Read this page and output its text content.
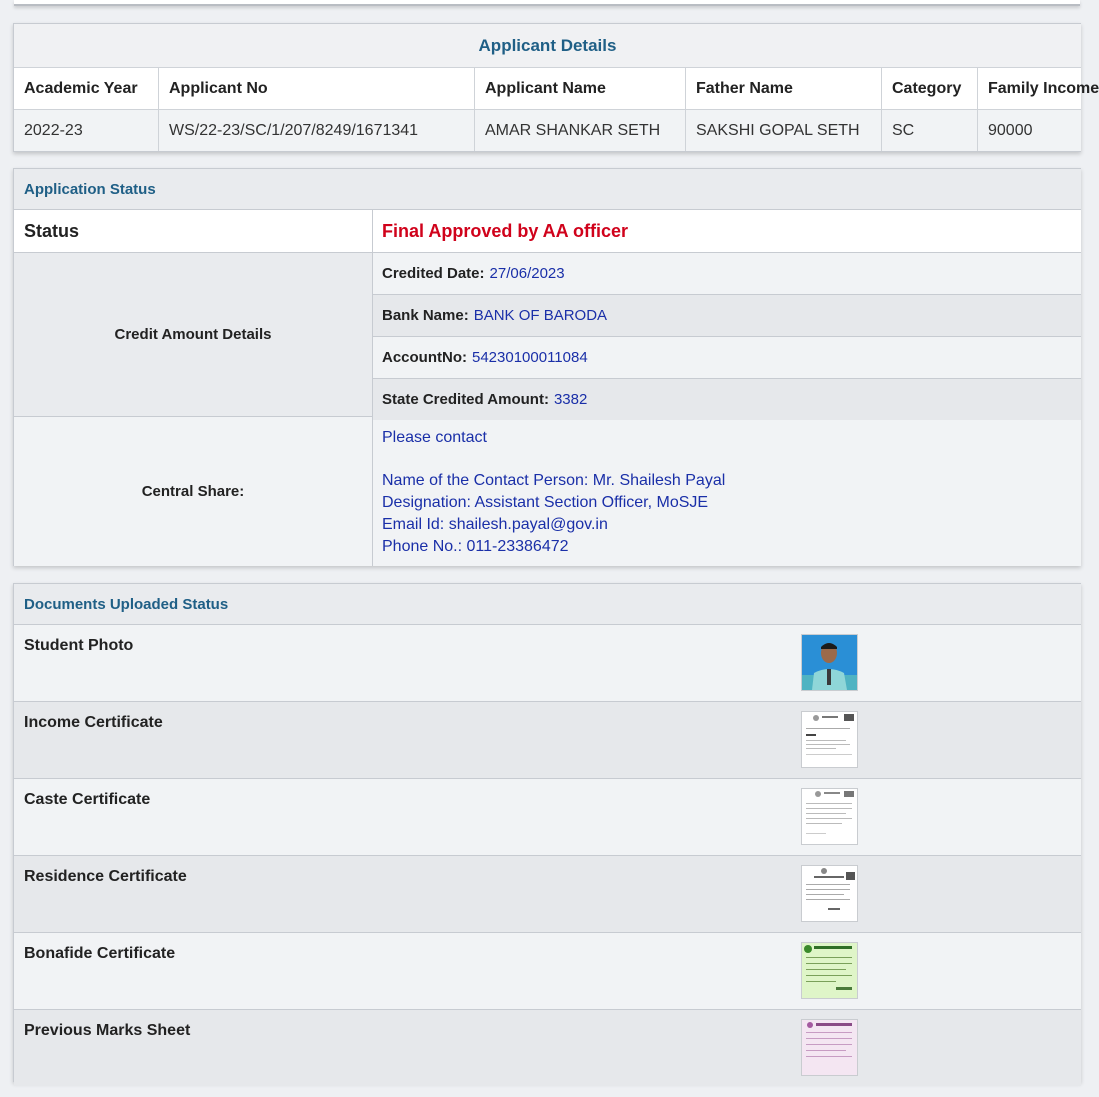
Applicant Details
Academic Year	Applicant No	Applicant Name	Father Name	Category	Family Income
2022-23	WS/22-23/SC/1/207/8249/1671341	AMAR SHANKAR SETH	SAKSHI GOPAL SETH	SC	90000
Application Status
Status	Final Approved by AA officer
Credit Amount Details
Credited Date: 27/06/2023
Bank Name: BANK OF BARODA
AccountNo: 54230100011084
State Credited Amount: 3382
Central Share:
Please contact
Name of the Contact Person: Mr. Shailesh Payal
Designation: Assistant Section Officer, MoSJE
Email Id: shailesh.payal@gov.in
Phone No.: 011-23386472
Documents Uploaded Status
Student Photo
Income Certificate
Caste Certificate
Residence Certificate
Bonafide Certificate
Previous Marks Sheet
